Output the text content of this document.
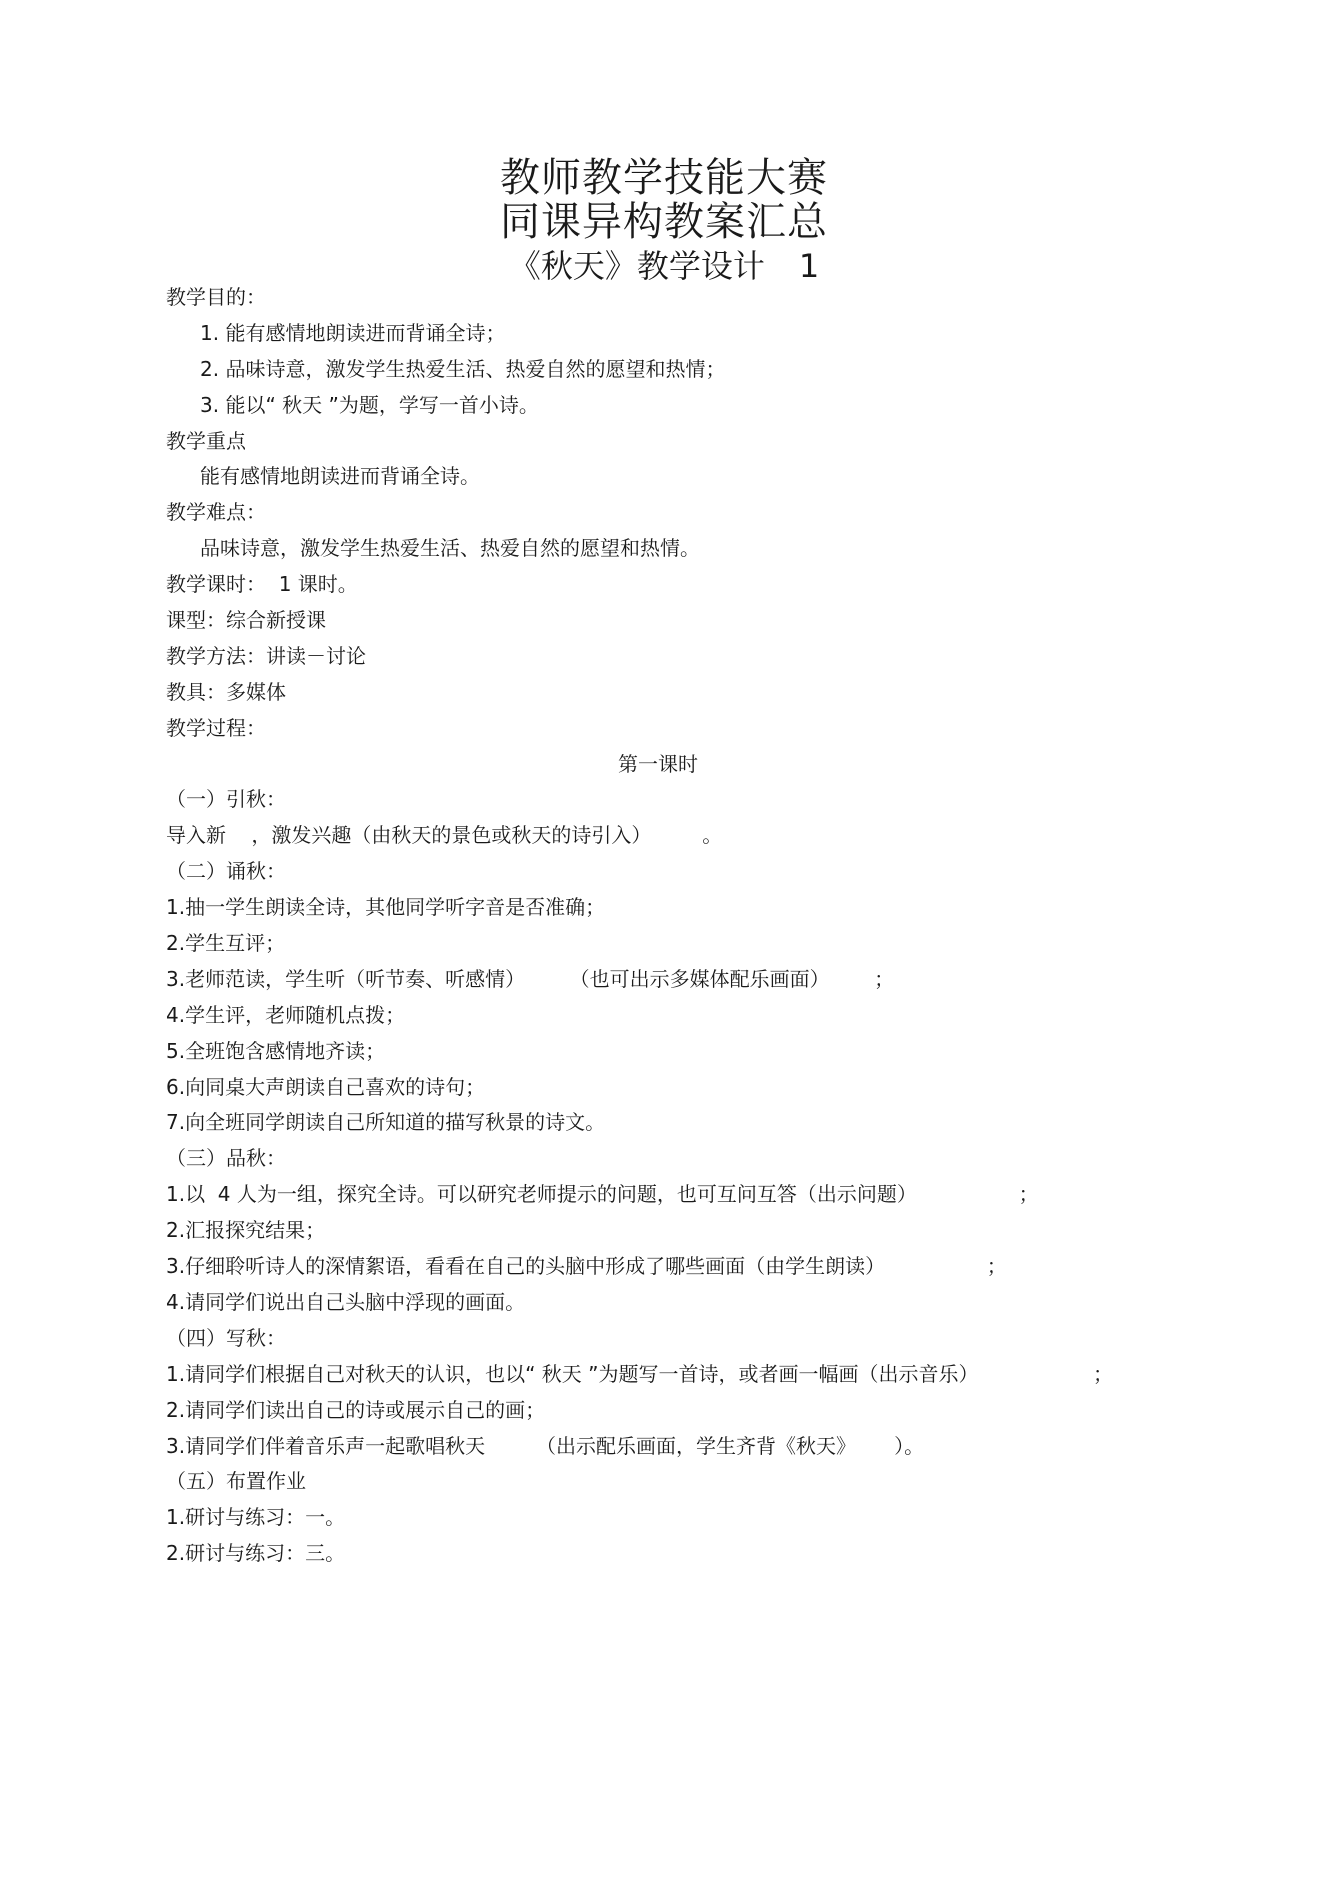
教师教学技能大赛
同课异构教案汇总
《秋天》教学设计 1
教学目的：
1. 能有感情地朗读进而背诵全诗；
2. 品味诗意，激发学生热爱生活、热爱自然的愿望和热情；
3. 能以“ 秋天 ”为题，学写一首小诗。
教学重点
能有感情地朗读进而背诵全诗。
教学难点：
品味诗意，激发学生热爱生活、热爱自然的愿望和热情。
教学课时：  1 课时。
课型：综合新授课
教学方法：讲读－讨论
教具：多媒体
教学过程：
第一课时
（一）引秋：
导入新    ，激发兴趣（由秋天的景色或秋天的诗引入）        。
（二）诵秋：
1.抽一学生朗读全诗，其他同学听字音是否准确；
2.学生互评；
3.老师范读，学生听（听节奏、听感情）       （也可出示多媒体配乐画面）       ；
4.学生评，老师随机点拨；
5.全班饱含感情地齐读；
6.向同桌大声朗读自己喜欢的诗句；
7.向全班同学朗读自己所知道的描写秋景的诗文。
（三）品秋：
1.以  4 人为一组，探究全诗。可以研究老师提示的问题，也可互问互答（出示问题）                ；
2.汇报探究结果；
3.仔细聆听诗人的深情絮语，看看在自己的头脑中形成了哪些画面（由学生朗读）                ；
4.请同学们说出自己头脑中浮现的画面。
（四）写秋：
1.请同学们根据自己对秋天的认识，也以“ 秋天 ”为题写一首诗，或者画一幅画（出示音乐）                  ；
2.请同学们读出自己的诗或展示自己的画；
3.请同学们伴着音乐声一起歌唱秋天        （出示配乐画面，学生齐背《秋天》      ）。
（五）布置作业
1.研讨与练习：一。
2.研讨与练习：三。
